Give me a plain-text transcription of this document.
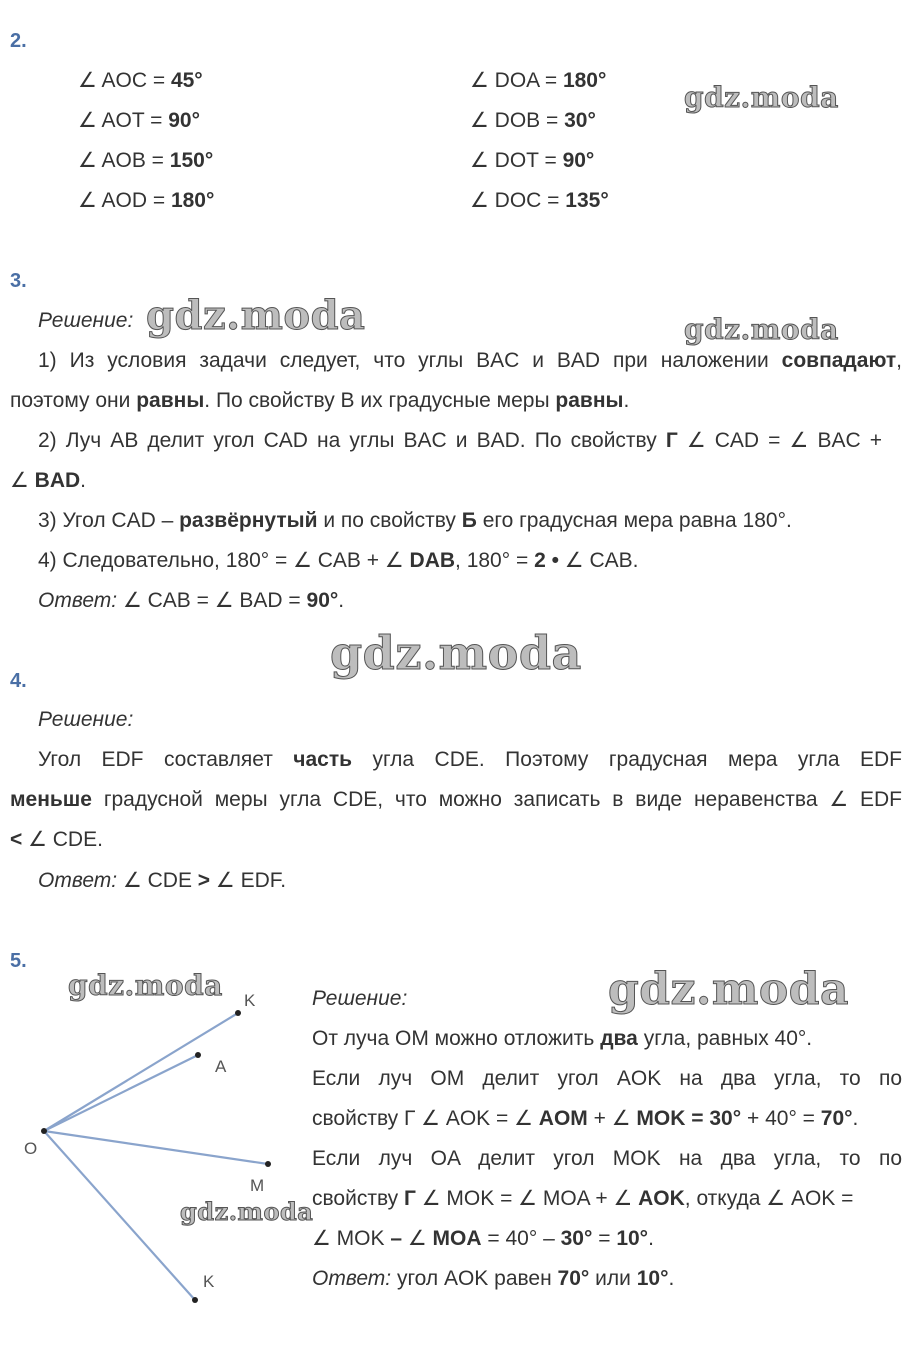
2.
∠ AOC = 45°
∠ AOT = 90°
∠ AOB = 150°
∠ AOD = 180°
∠ DOA = 180°
∠ DOB = 30°
∠ DOT = 90°
∠ DOC = 135°
gdz.moda
3.
Решение: gdz.moda	gdz.moda
1) Из условия задачи следует, что углы BAC и BAD при наложении совпадают,
поэтому они равны. По свойству В их градусные меры равны.
2) Луч AB делит угол CAD на углы BAC и BAD. По свойству Г ∠ CAD = ∠ BAC +
∠ BAD.
3) Угол CAD – развёрнутый и по свойству Б его градусная мера равна 180°.
4) Следовательно, 180° = ∠ CAB + ∠ DAB, 180° = 2 • ∠ CAB.
Ответ: ∠ CAB = ∠ BAD = 90°.
gdz.moda
4.
Решение:
Угол EDF составляет часть угла CDE. Поэтому градусная мера угла EDF
меньше градусной меры угла CDE, что можно записать в виде неравенства ∠ EDF
< ∠ CDE.
Ответ: ∠ CDE > ∠ EDF.
5.
gdz.moda	gdz.moda
K
A
O
M
K
gdz.moda
Решение:
От луча OM можно отложить два угла, равных 40°.
Если луч OM делит угол AOK на два угла, то по
свойству Г ∠ AOK = ∠ AOM + ∠ MOK = 30° + 40° = 70°.
Если луч OA делит угол MOK на два угла, то по
свойству Г ∠ MOK = ∠ MOA + ∠ AOK, откуда ∠ AOK =
∠ MOK – ∠ MOA = 40° – 30° = 10°.
Ответ: угол AOK равен 70° или 10°.
